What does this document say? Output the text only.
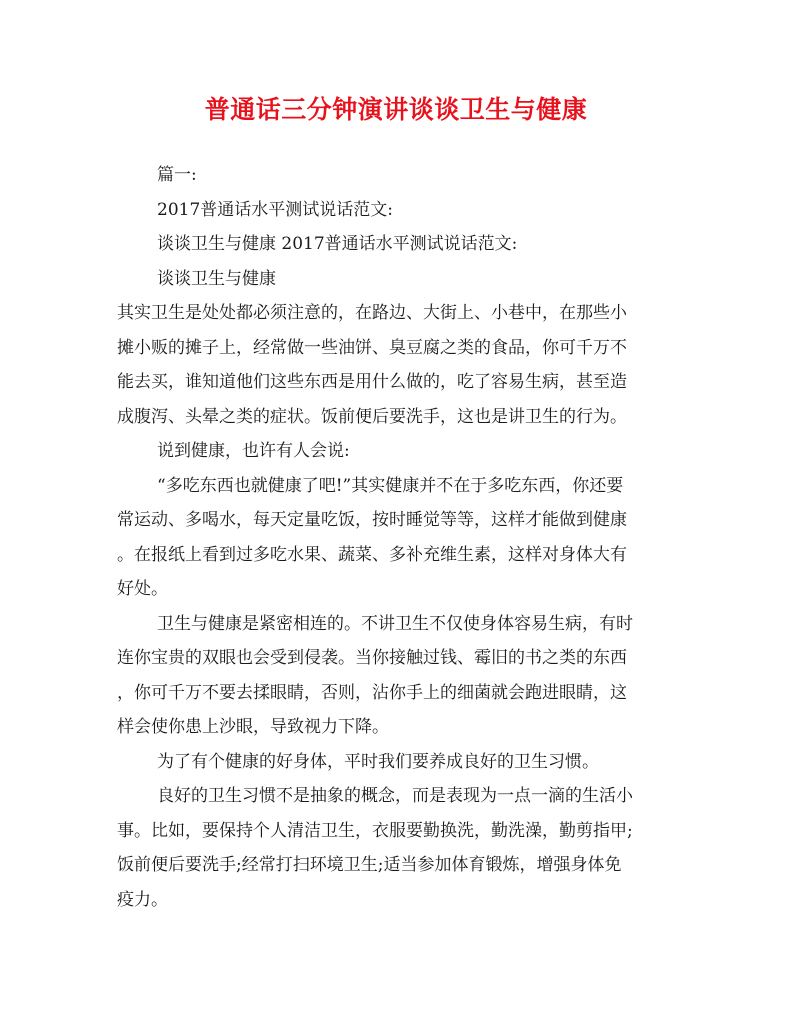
普通话三分钟演讲谈谈卫生与健康
篇一:
2017普通话水平测试说话范文:
谈谈卫生与健康 2017普通话水平测试说话范文:
谈谈卫生与健康
其实卫生是处处都必须注意的，在路边、大街上、小巷中，在那些小
摊小贩的摊子上，经常做一些油饼、臭豆腐之类的食品，你可千万不
能去买，谁知道他们这些东西是用什么做的，吃了容易生病，甚至造
成腹泻、头晕之类的症状。饭前便后要洗手，这也是讲卫生的行为。
说到健康，也许有人会说:
“多吃东西也就健康了吧!”其实健康并不在于多吃东西，你还要
常运动、多喝水，每天定量吃饭，按时睡觉等等，这样才能做到健康
。在报纸上看到过多吃水果、蔬菜、多补充维生素，这样对身体大有
好处。
卫生与健康是紧密相连的。不讲卫生不仅使身体容易生病，有时
连你宝贵的双眼也会受到侵袭。当你接触过钱、霉旧的书之类的东西
，你可千万不要去揉眼睛，否则，沾你手上的细菌就会跑进眼睛，这
样会使你患上沙眼，导致视力下降。
为了有个健康的好身体，平时我们要养成良好的卫生习惯。
良好的卫生习惯不是抽象的概念，而是表现为一点一滴的生活小
事。比如，要保持个人清洁卫生，衣服要勤换洗，勤洗澡，勤剪指甲;
饭前便后要洗手;经常打扫环境卫生;适当参加体育锻炼，增强身体免
疫力。
